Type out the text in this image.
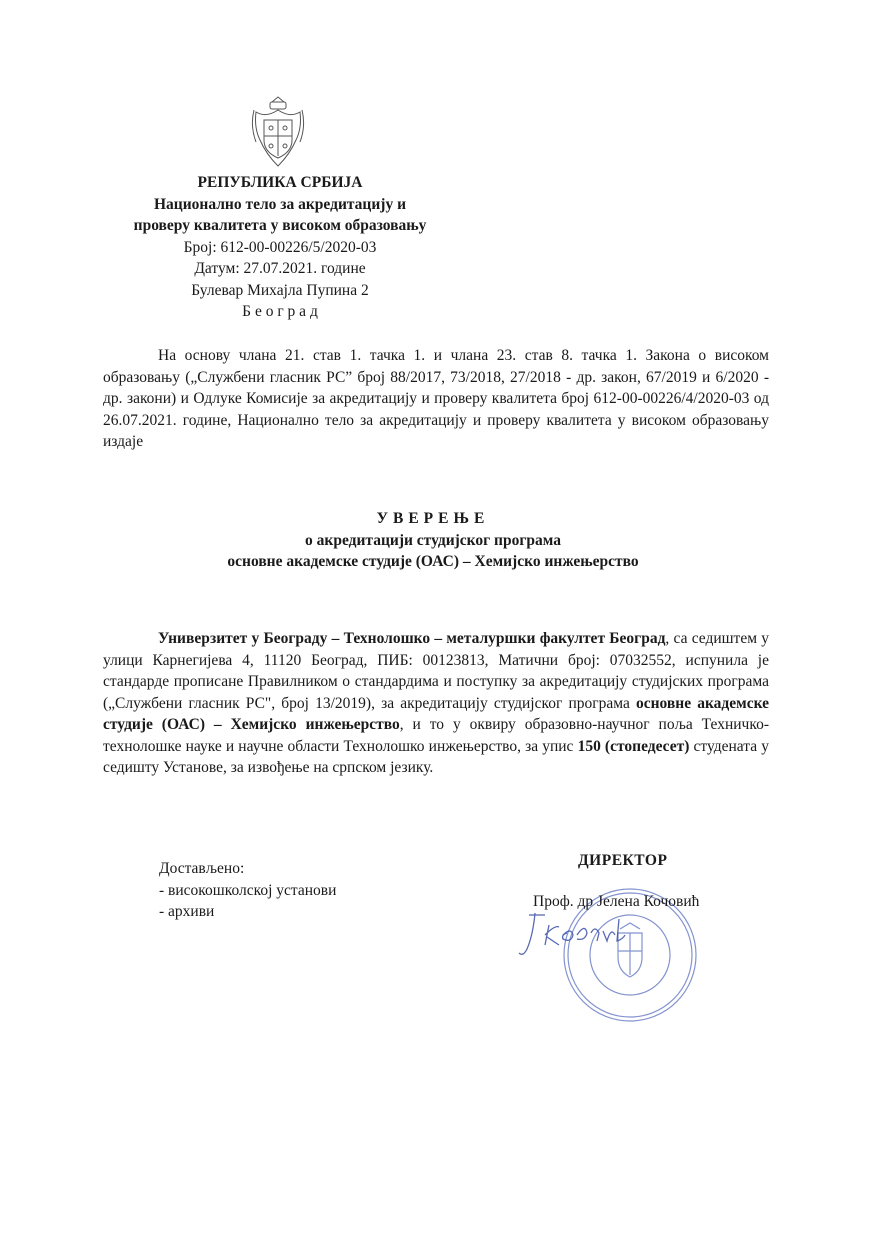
РЕПУБЛИКА СРБИЈА
Национално тело за акредитацију и
проверу квалитета у високом образовању
Број: 612-00-00226/5/2020-03
Датум: 27.07.2021. године
Булевар Михајла Пупина 2
Б е о г р а д
На основу члана 21. став 1. тачка 1. и члана 23. став 8. тачка 1. Закона о високом образовању („Службени гласник РС” број 88/2017, 73/2018, 27/2018 - др. закон, 67/2019 и 6/2020 - др. закони) и Одлуке Комисије за акредитацију и проверу квалитета број 612-00-00226/4/2020-03 од 26.07.2021. године, Национално тело за акредитацију и проверу квалитета у високом образовању издаје
УВЕРЕЊЕ
о акредитацији студијског програма
основне академске студије (ОАС) – Хемијско инжењерство
Универзитет у Београду – Технолошко – металуршки факултет Београд, са седиштем у улици Карнегијева 4, 11120 Београд, ПИБ: 00123813, Матични број: 07032552, испунила је стандарде прописане Правилником о стандардима и поступку за акредитацију студијских програма („Службени гласник РС", број 13/2019), за акредитацију студијског програма основне академске студије (ОАС) – Хемијско инжењерство, и то у оквиру образовно-научног поља Техничко-технолошке науке и научне области Технолошко инжењерство, за упис 150 (стопедесет) студената у седишту Установе, за извођење на српском језику.
Достављено:
- високошколској установи
- архиви
ДИРЕКТОР
Проф. др Јелена Кочовић
